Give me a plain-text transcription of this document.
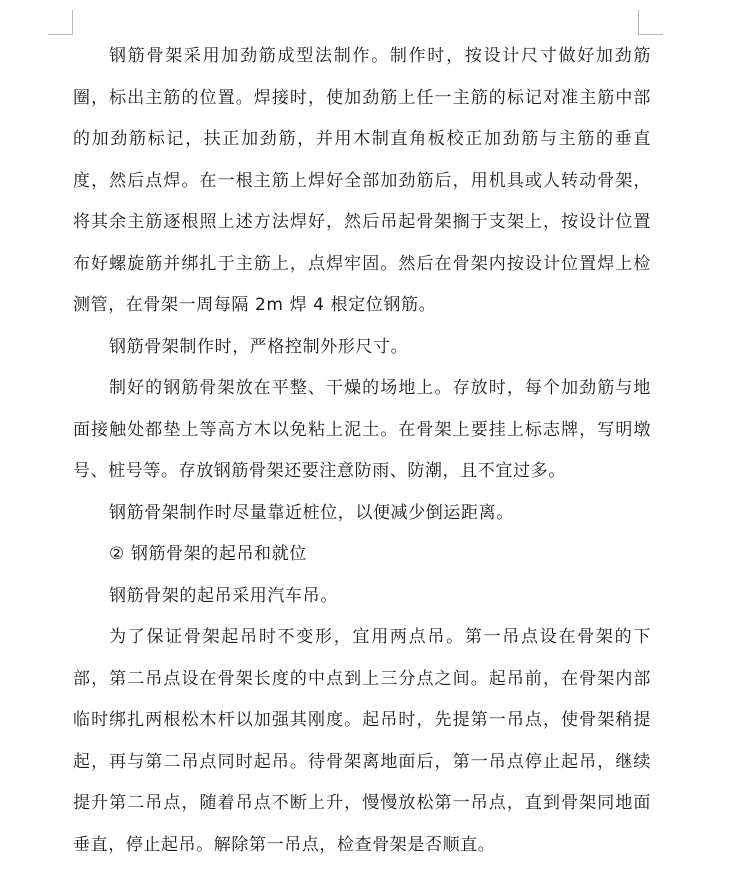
钢筋骨架采用加劲筋成型法制作。制作时，按设计尺寸做好加劲筋圈，标出主筋的位置。焊接时，使加劲筋上任一主筋的标记对准主筋中部的加劲筋标记，扶正加劲筋，并用木制直角板校正加劲筋与主筋的垂直度，然后点焊。在一根主筋上焊好全部加劲筋后，用机具或人转动骨架，将其余主筋逐根照上述方法焊好，然后吊起骨架搁于支架上，按设计位置布好螺旋筋并绑扎于主筋上，点焊牢固。然后在骨架内按设计位置焊上检测管，在骨架一周每隔 2m 焊 4 根定位钢筋。

钢筋骨架制作时，严格控制外形尺寸。

制好的钢筋骨架放在平整、干燥的场地上。存放时，每个加劲筋与地面接触处都垫上等高方木以免粘上泥土。在骨架上要挂上标志牌，写明墩号、桩号等。存放钢筋骨架还要注意防雨、防潮，且不宜过多。

钢筋骨架制作时尽量靠近桩位，以便减少倒运距离。

② 钢筋骨架的起吊和就位

钢筋骨架的起吊采用汽车吊。

为了保证骨架起吊时不变形，宜用两点吊。第一吊点设在骨架的下部，第二吊点设在骨架长度的中点到上三分点之间。起吊前，在骨架内部临时绑扎两根松木杆以加强其刚度。起吊时，先提第一吊点，使骨架稍提起，再与第二吊点同时起吊。待骨架离地面后，第一吊点停止起吊，继续提升第二吊点，随着吊点不断上升，慢慢放松第一吊点，直到骨架同地面垂直，停止起吊。解除第一吊点，检查骨架是否顺直。
